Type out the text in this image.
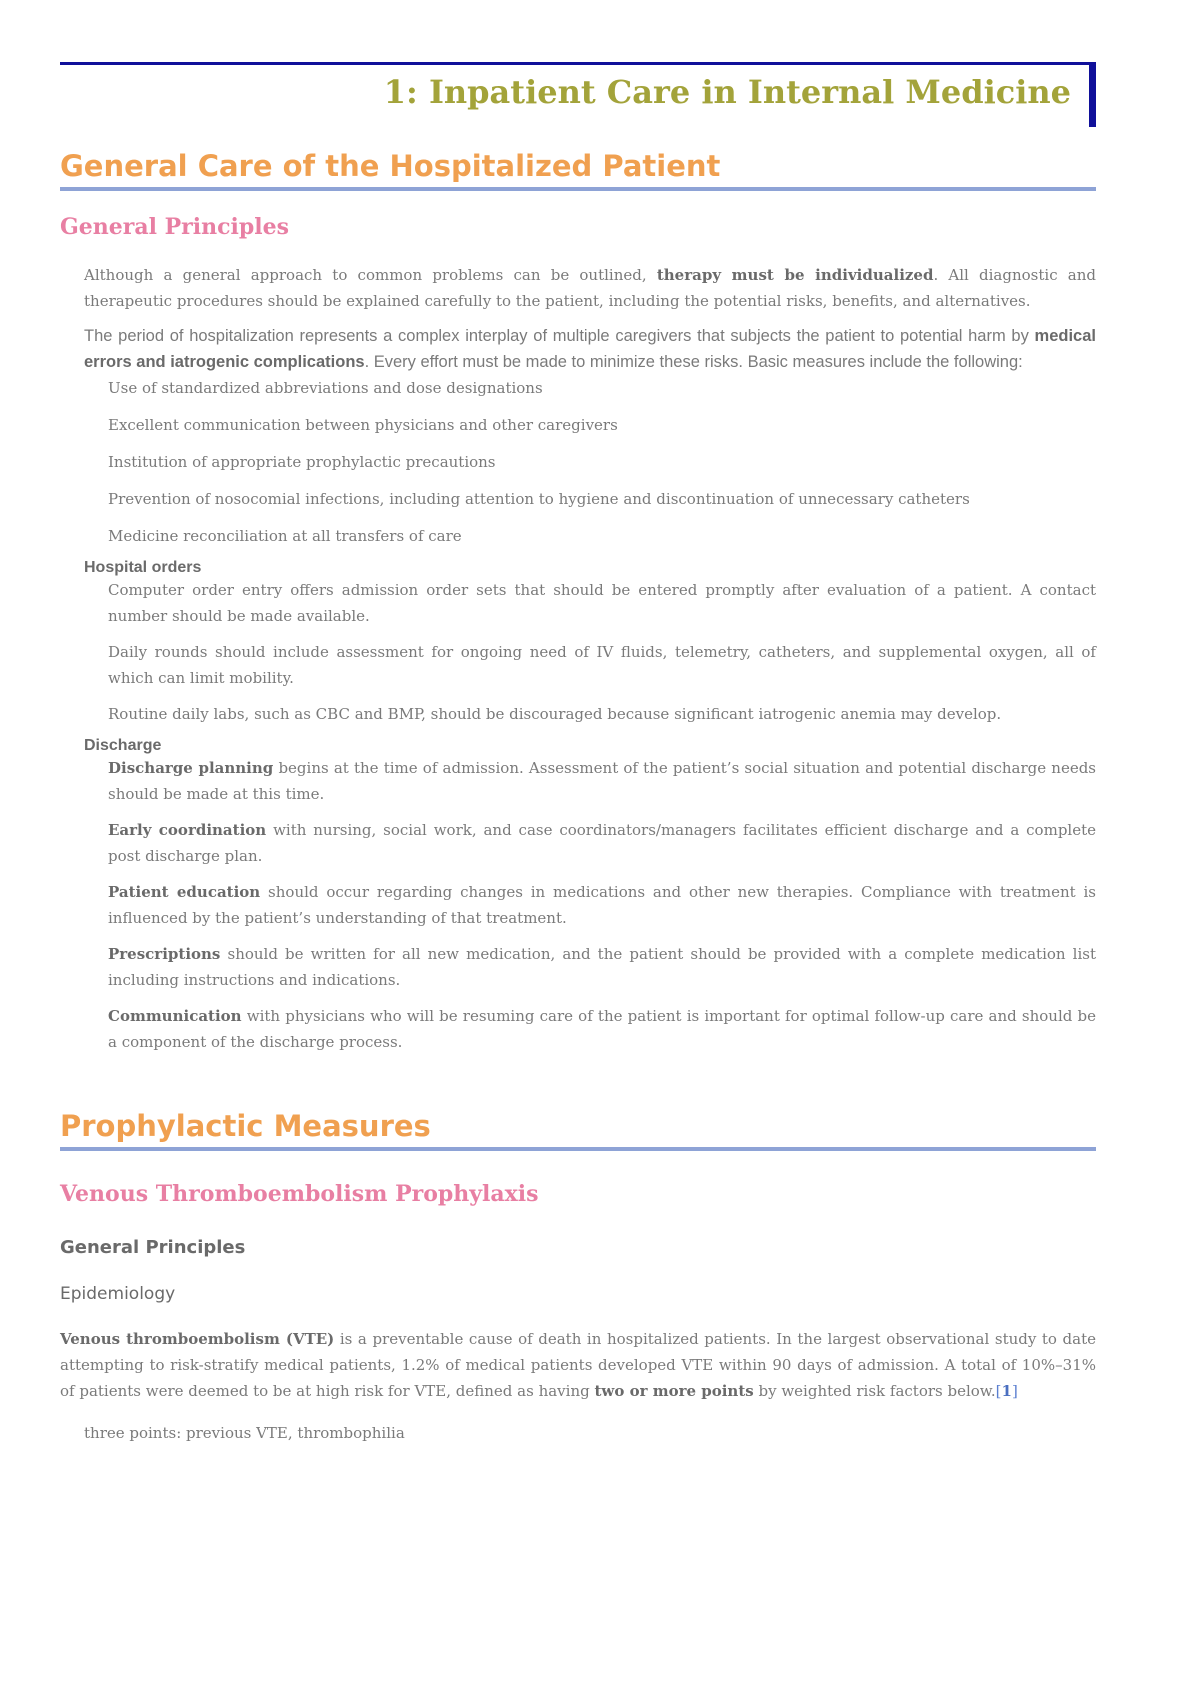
1: Inpatient Care in Internal Medicine
General Care of the Hospitalized Patient
General Principles

Although a general approach to common problems can be outlined, therapy must be individualized. All diagnostic and therapeutic procedures should be explained carefully to the patient, including the potential risks, benefits, and alternatives.

The period of hospitalization represents a complex interplay of multiple caregivers that subjects the patient to potential harm by medical errors and iatrogenic complications. Every effort must be made to minimize these risks. Basic measures include the following:

Use of standardized abbreviations and dose designations
Excellent communication between physicians and other caregivers
Institution of appropriate prophylactic precautions
Prevention of nosocomial infections, including attention to hygiene and discontinuation of unnecessary catheters
Medicine reconciliation at all transfers of care
Hospital orders

Computer order entry offers admission order sets that should be entered promptly after evaluation of a patient. A contact number should be made available.

Daily rounds should include assessment for ongoing need of IV fluids, telemetry, catheters, and supplemental oxygen, all of which can limit mobility.

Routine daily labs, such as CBC and BMP, should be discouraged because significant iatrogenic anemia may develop.

Discharge

Discharge planning begins at the time of admission. Assessment of the patient’s social situation and potential discharge needs should be made at this time.

Early coordination with nursing, social work, and case coordinators/managers facilitates efficient discharge and a complete post discharge plan.

Patient education should occur regarding changes in medications and other new therapies. Compliance with treatment is influenced by the patient’s understanding of that treatment.

Prescriptions should be written for all new medication, and the patient should be provided with a complete medication list including instructions and indications.

Communication with physicians who will be resuming care of the patient is important for optimal follow-up care and should be a component of the discharge process.

Prophylactic Measures
Venous Thromboembolism Prophylaxis
General Principles
Epidemiology

Venous thromboembolism (VTE) is a preventable cause of death in hospitalized patients. In the largest observational study to date attempting to risk-stratify medical patients, 1.2% of medical patients developed VTE within 90 days of admission. A total of 10%–31% of patients were deemed to be at high risk for VTE, defined as having two or more points by weighted risk factors below.[1]

three points: previous VTE, thrombophilia
